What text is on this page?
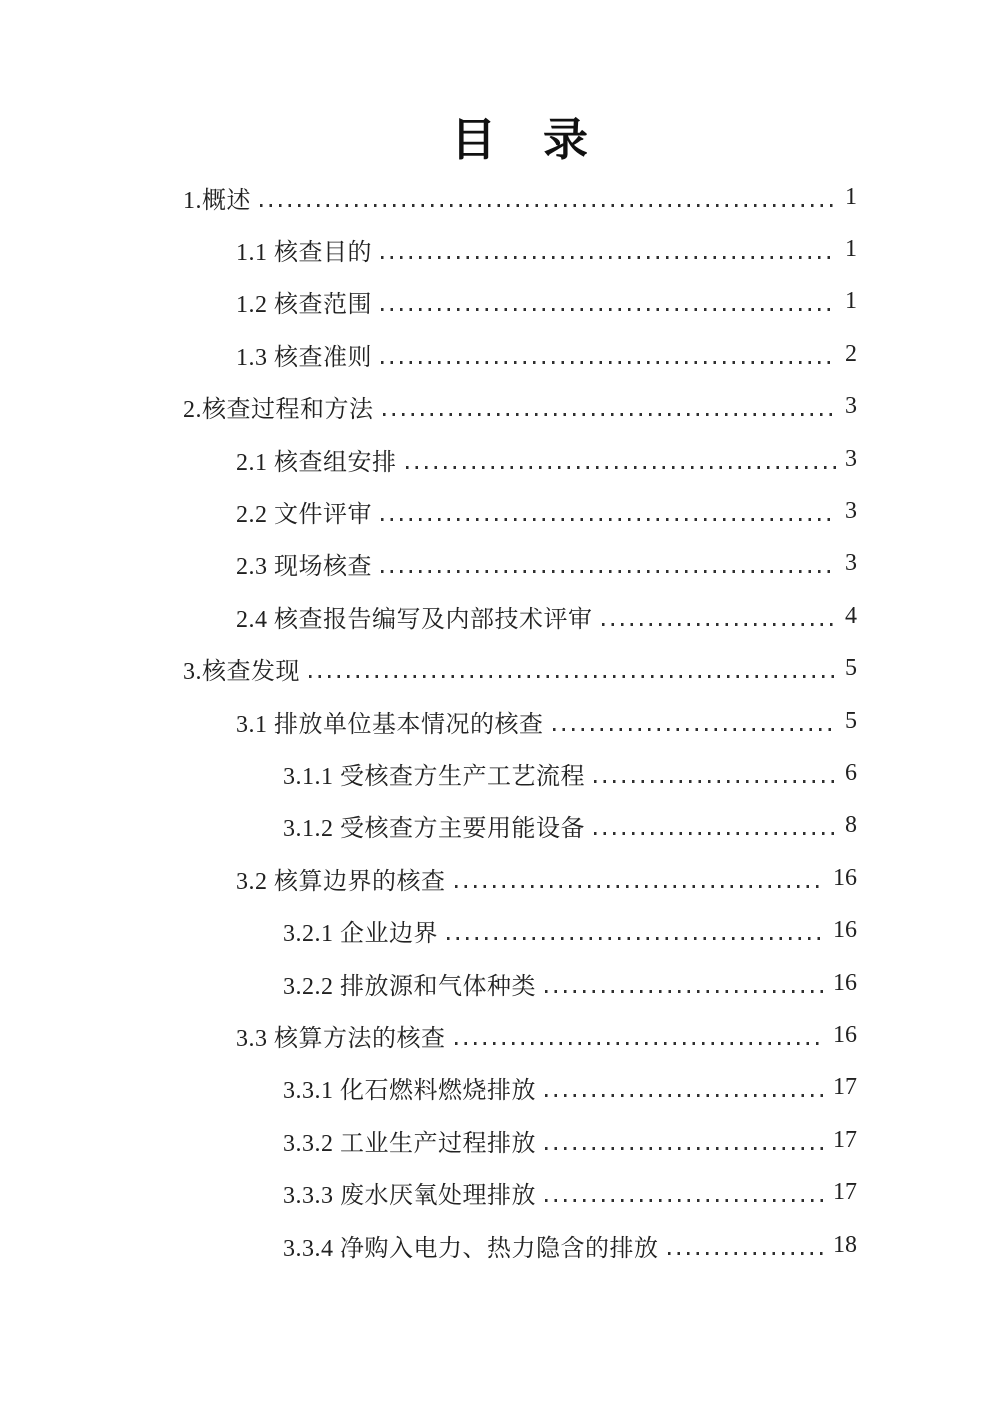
目　录
1.概述	1
1.1 核查目的	1
1.2 核查范围	1
1.3 核查准则	2
2.核查过程和方法	3
2.1 核查组安排	3
2.2 文件评审	3
2.3 现场核查	3
2.4 核查报告编写及内部技术评审	4
3.核查发现	5
3.1 排放单位基本情况的核查	5
3.1.1 受核查方生产工艺流程	6
3.1.2 受核查方主要用能设备	8
3.2 核算边界的核查	16
3.2.1 企业边界	16
3.2.2 排放源和气体种类	16
3.3 核算方法的核查	16
3.3.1 化石燃料燃烧排放	17
3.3.2 工业生产过程排放	17
3.3.3 废水厌氧处理排放	17
3.3.4 净购入电力、热力隐含的排放	18
